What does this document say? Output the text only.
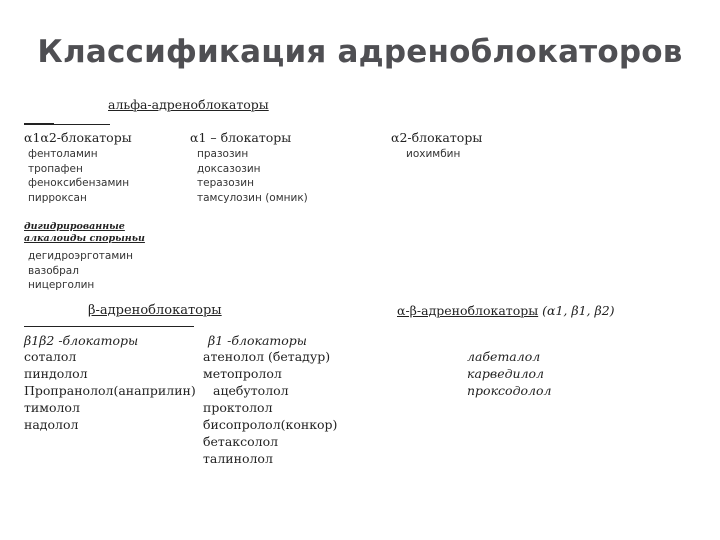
Классификация адреноблокаторов
альфа-адреноблокаторы
α1α2-блокаторы
фентоламин
тропафен
феноксибензамин
пирроксан
α1 – блокаторы
празозин
доксазозин
теразозин
тамсулозин (омник)
α2-блокаторы
иохимбин
дигидрированные
алкалоиды спорыньи
дегидроэрготамин
вазобрал
ницерголин
β-адреноблокаторы
β1β2 -блокаторы
соталол
пиндолол
Пропранолол(анаприлин)
тимолол
надолол
β1 -блокаторы
атенолол (бетадур)
метопролол
ацебутолол
проктолол
бисопролол(конкор)
бетаксолол
талинолол
α-β-адреноблокаторы (α1, β1, β2)
лабеталол
карведилол
проксодолол
